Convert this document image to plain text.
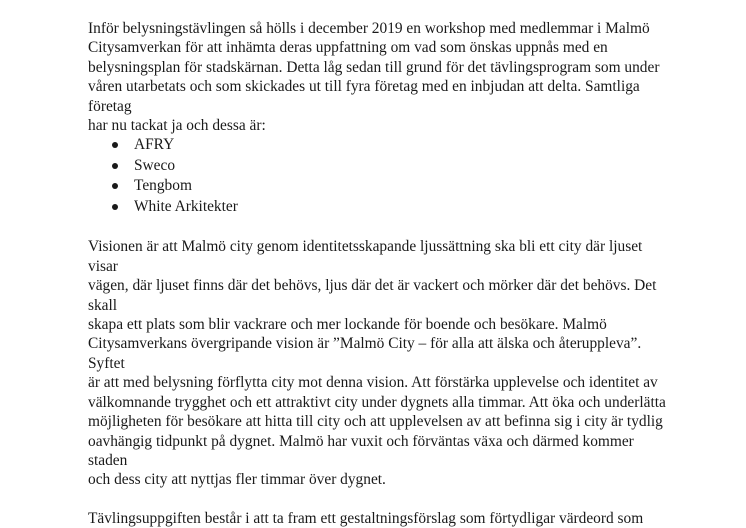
Inför belysningstävlingen så hölls i december 2019 en workshop med medlemmar i Malmö
Citysamverkan för att inhämta deras uppfattning om vad som önskas uppnås med en
belysningsplan för stadskärnan. Detta låg sedan till grund för det tävlingsprogram som under
våren utarbetats och som skickades ut till fyra företag med en inbjudan att delta. Samtliga företag
har nu tackat ja och dessa är:

AFRY
Sweco
Tengbom
White Arkitekter

Visionen är att Malmö city genom identitetsskapande ljussättning ska bli ett city där ljuset visar
vägen, där ljuset finns där det behövs, ljus där det är vackert och mörker där det behövs. Det skall
skapa ett plats som blir vackrare och mer lockande för boende och besökare. Malmö
Citysamverkans övergripande vision är ”Malmö City – för alla att älska och återuppleva”. Syftet
är att med belysning förflytta city mot denna vision. Att förstärka upplevelse och identitet av
välkomnande trygghet och ett attraktivt city under dygnets alla timmar. Att öka och underlätta
möjligheten för besökare att hitta till city och att upplevelsen av att befinna sig i city är tydlig
oavhängig tidpunkt på dygnet. Malmö har vuxit och förväntas växa och därmed kommer staden
och dess city att nyttjas fler timmar över dygnet.

Tävlingsuppgiften består i att ta fram ett gestaltningsförslag som förtydligar värdeord som
